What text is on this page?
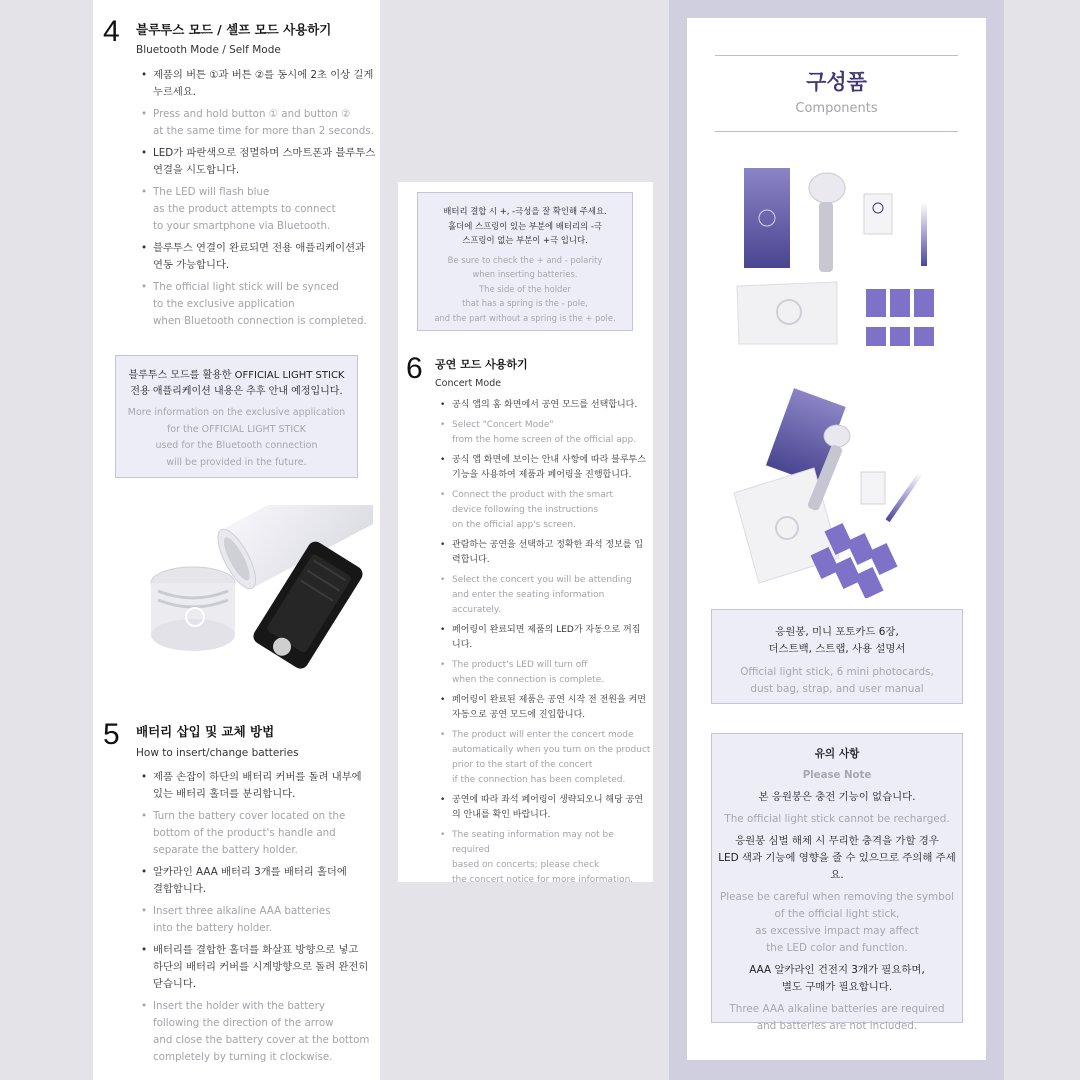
4 블루투스 모드 / 셀프 모드 사용하기
Bluetooth Mode / Self Mode
• 제품의 버튼 ①과 버튼 ②를 동시에 2초 이상 길게
누르세요.
• Press and hold button ① and button ②
at the same time for more than 2 seconds.
• LED가 파란색으로 점멸하며 스마트폰과 블루투스
연결을 시도합니다.
• The LED will flash blue
as the product attempts to connect
to your smartphone via Bluetooth.
• 블루투스 연결이 완료되면 전용 애플리케이션과
연동 가능합니다.
• The official light stick will be synced
to the exclusive application
when Bluetooth connection is completed.
블루투스 모드를 활용한 OFFICIAL LIGHT STICK
전용 애플리케이션 내용은 추후 안내 예정입니다.
More information on the exclusive application
for the OFFICIAL LIGHT STICK
used for the Bluetooth connection
will be provided in the future.
5 배터리 삽입 및 교체 방법
How to insert/change batteries
• 제품 손잡이 하단의 배터리 커버를 돌려 내부에
있는 배터리 홀더를 분리합니다.
• Turn the battery cover located on the
bottom of the product's handle and
separate the battery holder.
• 알카라인 AAA 배터리 3개를 배터리 홀더에
결합합니다.
• Insert three alkaline AAA batteries
into the battery holder.
• 배터리를 결합한 홀더를 화살표 방향으로 넣고
하단의 배터리 커버를 시계방향으로 돌려 완전히
닫습니다.
• Insert the holder with the battery
following the direction of the arrow
and close the battery cover at the bottom
completely by turning it clockwise.
배터리 결합 시 +, -극성을 잘 확인해 주세요.
홀더에 스프링이 있는 부분에 배터리의 -극
스프링이 없는 부분이 +극 입니다.
Be sure to check the + and - polarity
when inserting batteries.
The side of the holder
that has a spring is the - pole,
and the part without a spring is the + pole.
6 공연 모드 사용하기
Concert Mode
• 공식 앱의 홈 화면에서 공연 모드를 선택합니다.
• Select "Concert Mode"
from the home screen of the official app.
• 공식 앱 화면에 보이는 안내 사항에 따라 블루투스
기능을 사용하여 제품과 페어링을 진행합니다.
• Connect the product with the smart
device following the instructions
on the official app's screen.
• 관람하는 공연을 선택하고 정확한 좌석 정보를 입
력합니다.
• Select the concert you will be attending
and enter the seating information accurately.
• 페어링이 완료되면 제품의 LED가 자동으로 꺼집
니다.
• The product's LED will turn off
when the connection is complete.
• 페어링이 완료된 제품은 공연 시작 전 전원을 켜면
자동으로 공연 모드에 진입합니다.
• The product will enter the concert mode
automatically when you turn on the product
prior to the start of the concert
if the connection has been completed.
• 공연에 따라 좌석 페어링이 생략되오니 해당 공연
의 안내를 확인 바랍니다.
• The seating information may not be required
based on concerts; please check
the concert notice for more information.
구성품
Components
응원봉, 미니 포토카드 6장,
더스트백, 스트랩, 사용 설명서
Official light stick, 6 mini photocards,
dust bag, strap, and user manual
유의 사항
Please Note
본 응원봉은 충전 기능이 없습니다.
The official light stick cannot be recharged.
응원봉 심벌 해체 시 무리한 충격을 가할 경우
LED 색과 기능에 영향을 줄 수 있으므로 주의해 주세요.
Please be careful when removing the symbol
of the official light stick,
as excessive impact may affect
the LED color and function.
AAA 알카라인 건전지 3개가 필요하며,
별도 구매가 필요합니다.
Three AAA alkaline batteries are required
and batteries are not included.
